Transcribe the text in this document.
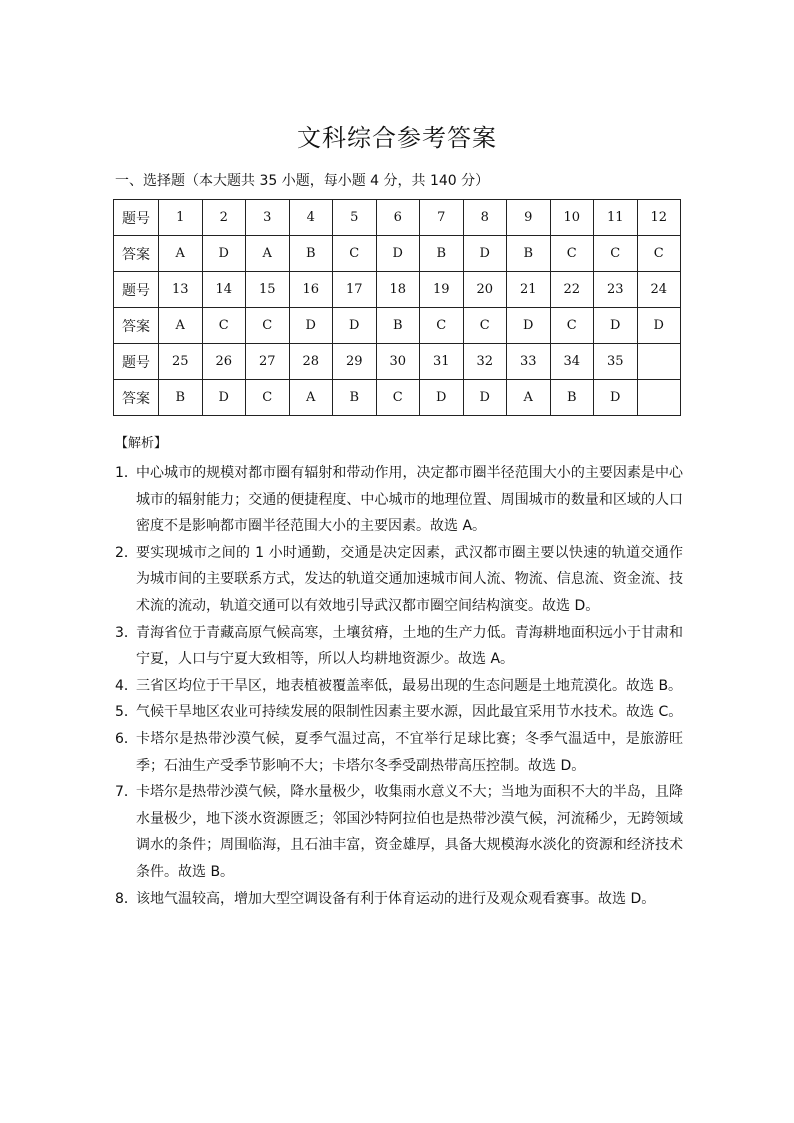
文科综合参考答案
一、选择题（本大题共 35 小题，每小题 4 分，共 140 分）
题号	1	2	3	4	5	6	7	8	9	10	11	12
答案	A	D	A	B	C	D	B	D	B	C	C	C
题号	13	14	15	16	17	18	19	20	21	22	23	24
答案	A	C	C	D	D	B	C	C	D	C	D	D
题号	25	26	27	28	29	30	31	32	33	34	35	
答案	B	D	C	A	B	C	D	D	A	B	D	
【解析】

1．
中心城市的规模对都市圈有辐射和带动作用，决定都市圈半径范围大小的主要因素是中心城市的辐射能力；交通的便捷程度、中心城市的地理位置、周围城市的数量和区域的人口密度不是影响都市圈半径范围大小的主要因素。故选 A。

2．
要实现城市之间的 1 小时通勤，交通是决定因素，武汉都市圈主要以快速的轨道交通作为城市间的主要联系方式，发达的轨道交通加速城市间人流、物流、信息流、资金流、技术流的流动，轨道交通可以有效地引导武汉都市圈空间结构演变。故选 D。

3．
青海省位于青藏高原气候高寒，土壤贫瘠，土地的生产力低。青海耕地面积远小于甘肃和宁夏，人口与宁夏大致相等，所以人均耕地资源少。故选 A。

4．
三省区均位于干旱区，地表植被覆盖率低，最易出现的生态问题是土地荒漠化。故选 B。

5．
气候干旱地区农业可持续发展的限制性因素主要水源，因此最宜采用节水技术。故选 C。

6．
卡塔尔是热带沙漠气候，夏季气温过高，不宜举行足球比赛；冬季气温适中，是旅游旺季；石油生产受季节影响不大；卡塔尔冬季受副热带高压控制。故选 D。

7．
卡塔尔是热带沙漠气候，降水量极少，收集雨水意义不大；当地为面积不大的半岛，且降水量极少，地下淡水资源匮乏；邻国沙特阿拉伯也是热带沙漠气候，河流稀少，无跨领域调水的条件；周围临海，且石油丰富，资金雄厚，具备大规模海水淡化的资源和经济技术条件。故选 B。

8．
该地气温较高，增加大型空调设备有利于体育运动的进行及观众观看赛事。故选 D。
